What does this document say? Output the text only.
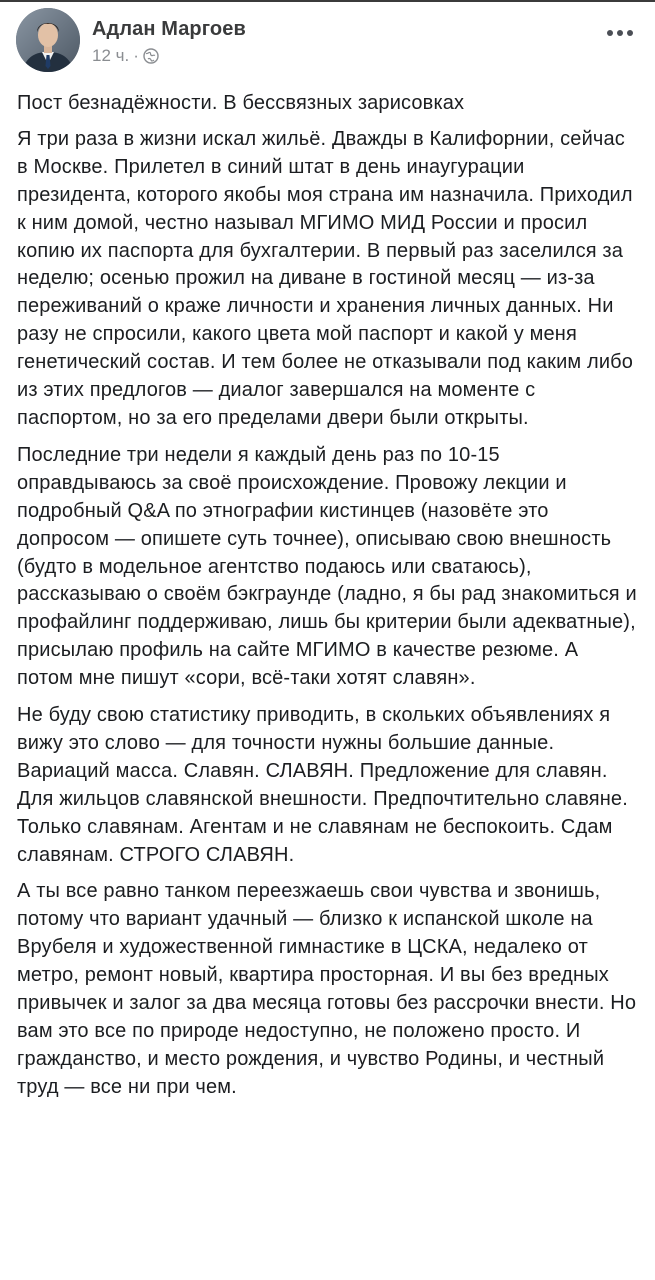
Адлан Маргоев
12 ч. ·

Пост безнадёжности. В бессвязных зарисовках

Я три раза в жизни искал жильё. Дважды в Калифорнии, сейчас в Москве. Прилетел в синий штат в день инаугурации президента, которого якобы моя страна им назначила. Приходил к ним домой, честно называл МГИМО МИД России и просил копию их паспорта для бухгалтерии. В первый раз заселился за неделю; осенью прожил на диване в гостиной месяц — из-за переживаний о краже личности и хранения личных данных. Ни разу не спросили, какого цвета мой паспорт и какой у меня генетический состав. И тем более не отказывали под каким либо из этих предлогов — диалог завершался на моменте с паспортом, но за его пределами двери были открыты.

Последние три недели я каждый день раз по 10-15 оправдываюсь за своё происхождение. Провожу лекции и подробный Q&A по этнографии кистинцев (назовёте это допросом — опишете суть точнее), описываю свою внешность (будто в модельное агентство подаюсь или сватаюсь), рассказываю о своём бэкграунде (ладно, я бы рад знакомиться и профайлинг поддерживаю, лишь бы критерии были адекватные), присылаю профиль на сайте МГИМО в качестве резюме. А потом мне пишут «сори, всё-таки хотят славян».

Не буду свою статистику приводить, в скольких объявлениях я вижу это слово — для точности нужны большие данные. Вариаций масса. Славян. СЛАВЯН. Предложение для славян. Для жильцов славянской внешности. Предпочтительно славяне. Только славянам. Агентам и не славянам не беспокоить. Сдам славянам. СТРОГО СЛАВЯН.

А ты все равно танком переезжаешь свои чувства и звонишь, потому что вариант удачный — близко к испанской школе на Врубеля и художественной гимнастике в ЦСКА, недалеко от метро, ремонт новый, квартира просторная. И вы без вредных привычек и залог за два месяца готовы без рассрочки внести. Но вам это все по природе недоступно, не положено просто. И гражданство, и место рождения, и чувство Родины, и честный труд — все ни при чем.
